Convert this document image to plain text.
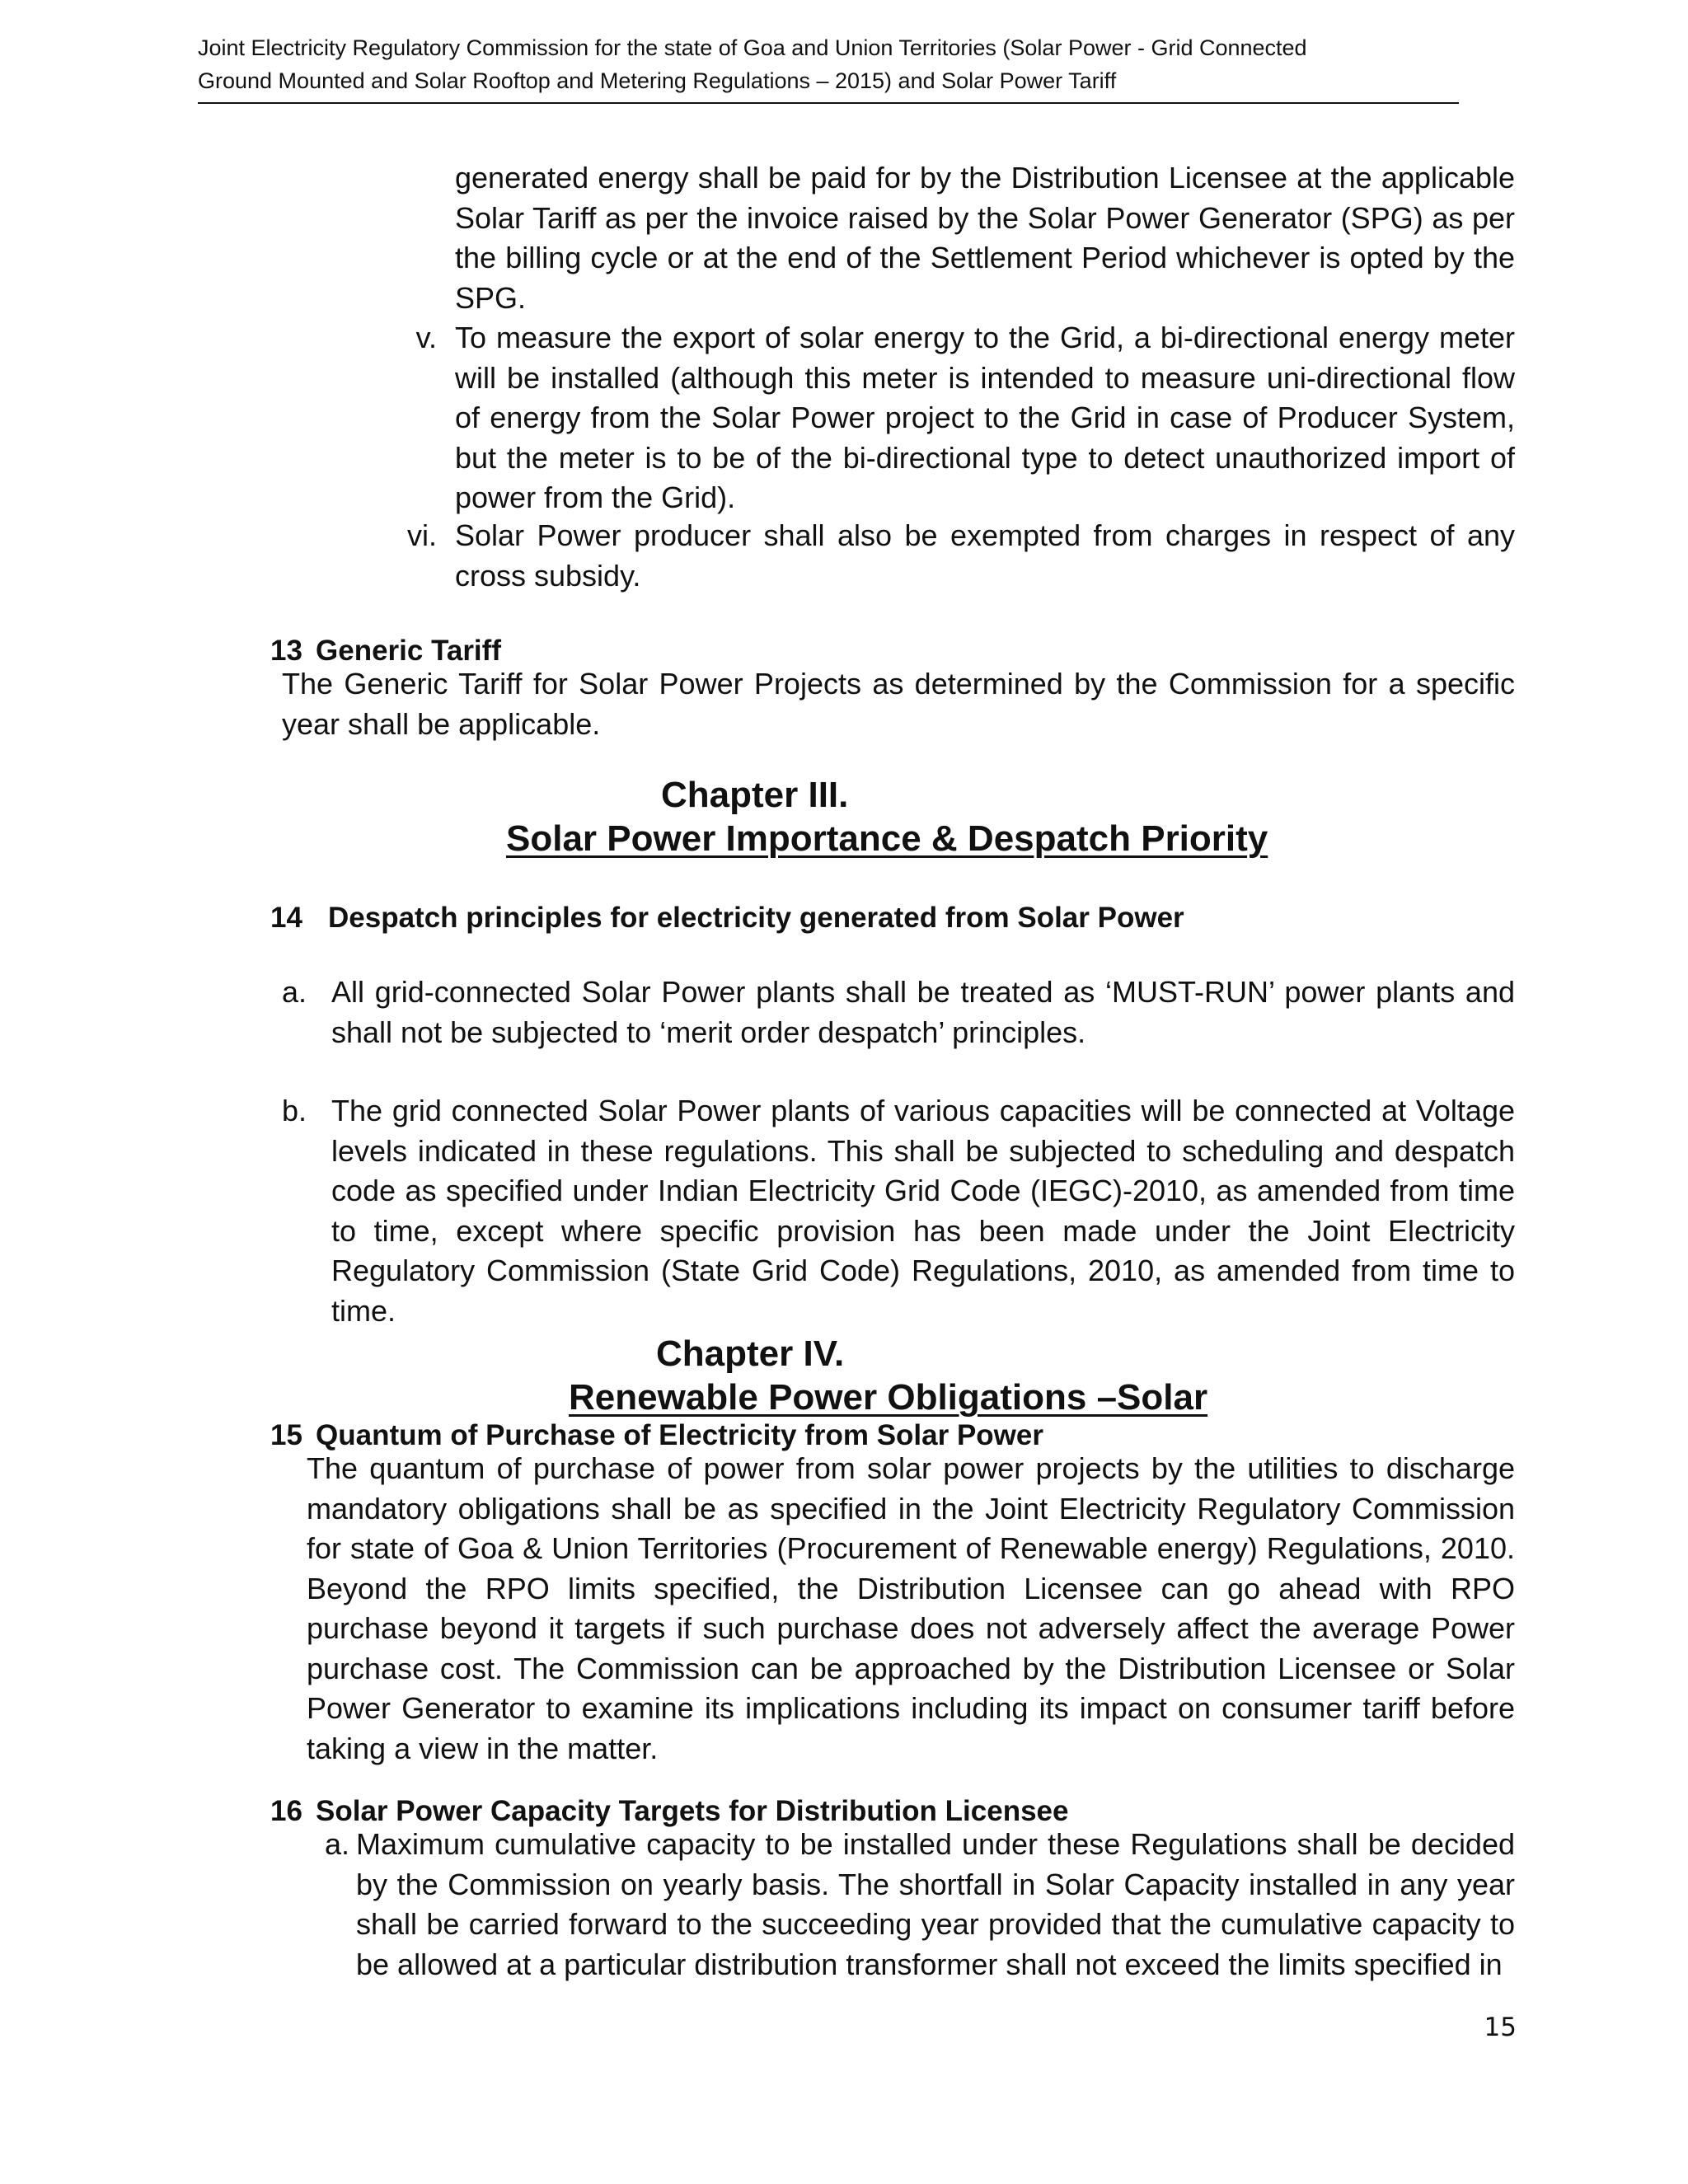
Joint Electricity Regulatory Commission for the state of Goa and Union Territories (Solar Power - Grid Connected
Ground Mounted and Solar Rooftop and Metering Regulations – 2015) and Solar Power Tariff
generated energy shall be paid for by the Distribution Licensee at the applicable Solar Tariff as per the invoice raised by the Solar Power Generator (SPG) as per the billing cycle or at the end of the Settlement Period whichever is opted by the SPG.
v. To measure the export of solar energy to the Grid, a bi-directional energy meter will be installed (although this meter is intended to measure uni-directional flow of energy from the Solar Power project to the Grid in case of Producer System, but the meter is to be of the bi-directional type to detect unauthorized import of power from the Grid).
vi. Solar Power producer shall also be exempted from charges in respect of any cross subsidy.
13 Generic Tariff
The Generic Tariff for Solar Power Projects as determined by the Commission for a specific year shall be applicable.
Chapter III.
Solar Power Importance & Despatch Priority
14 Despatch principles for electricity generated from Solar Power
a. All grid-connected Solar Power plants shall be treated as ‘MUST-RUN’ power plants and shall not be subjected to ‘merit order despatch’ principles.
b. The grid connected Solar Power plants of various capacities will be connected at Voltage levels indicated in these regulations. This shall be subjected to scheduling and despatch code as specified under Indian Electricity Grid Code (IEGC)-2010, as amended from time to time, except where specific provision has been made under the Joint Electricity Regulatory Commission (State Grid Code) Regulations, 2010, as amended from time to time.
Chapter IV.
Renewable Power Obligations –Solar
15 Quantum of Purchase of Electricity from Solar Power
The quantum of purchase of power from solar power projects by the utilities to discharge mandatory obligations shall be as specified in the Joint Electricity Regulatory Commission for state of Goa & Union Territories (Procurement of Renewable energy) Regulations, 2010. Beyond the RPO limits specified, the Distribution Licensee can go ahead with RPO purchase beyond it targets if such purchase does not adversely affect the average Power purchase cost. The Commission can be approached by the Distribution Licensee or Solar Power Generator to examine its implications including its impact on consumer tariff before taking a view in the matter.
16 Solar Power Capacity Targets for Distribution Licensee
a. Maximum cumulative capacity to be installed under these Regulations shall be decided by the Commission on yearly basis. The shortfall in Solar Capacity installed in any year shall be carried forward to the succeeding year provided that the cumulative capacity to be allowed at a particular distribution transformer shall not exceed the limits specified in
15
